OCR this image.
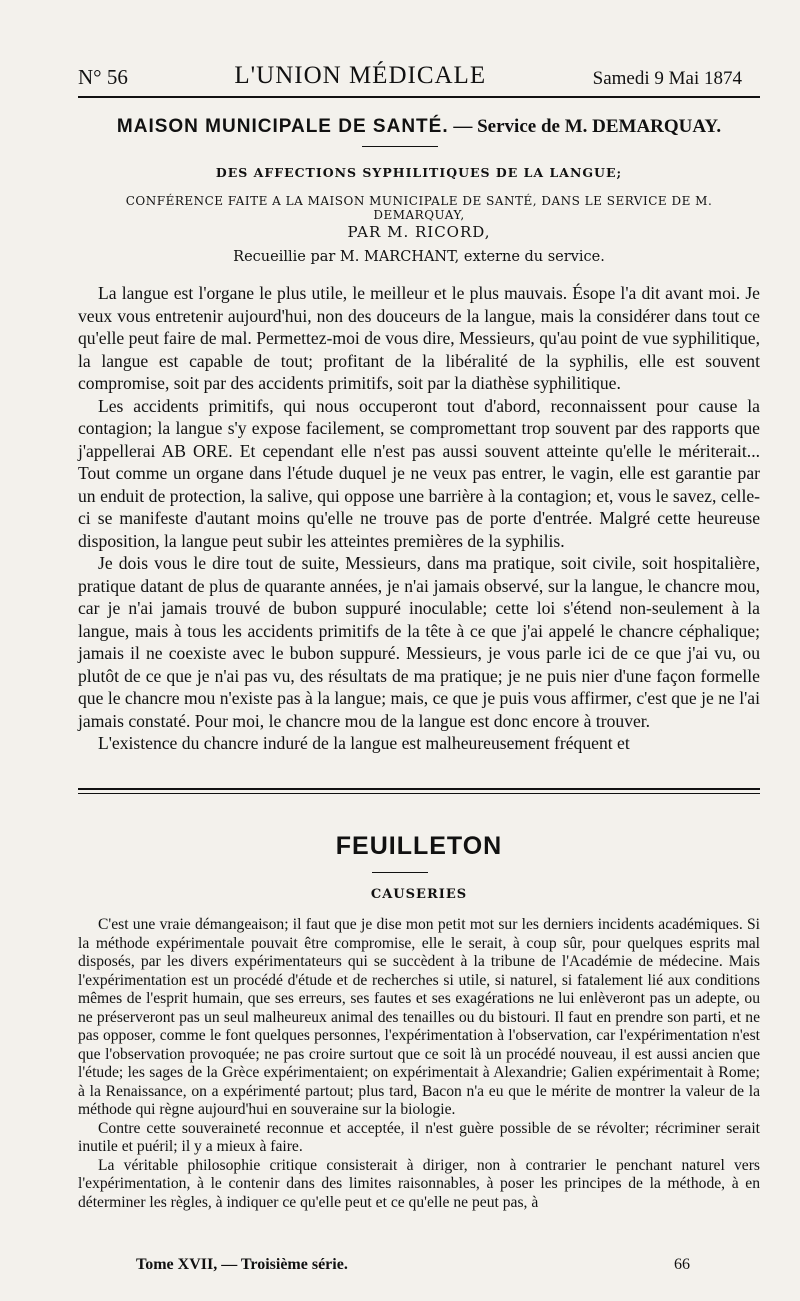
N° 56	L'UNION MÉDICALE	Samedi 9 Mai 1874
MAISON MUNICIPALE DE SANTÉ. — Service de M. DEMARQUAY.
DES AFFECTIONS SYPHILITIQUES DE LA LANGUE;
CONFÉRENCE FAITE A LA MAISON MUNICIPALE DE SANTÉ, DANS LE SERVICE DE M. DEMARQUAY,
PAR M. RICORD,
Recueillie par M. MARCHANT, externe du service.

La langue est l'organe le plus utile, le meilleur et le plus mauvais. Ésope l'a dit avant moi. Je veux vous entretenir aujourd'hui, non des douceurs de la langue, mais la considérer dans tout ce qu'elle peut faire de mal. Permettez-moi de vous dire, Messieurs, qu'au point de vue syphilitique, la langue est capable de tout; profitant de la libéralité de la syphilis, elle est souvent compromise, soit par des accidents primitifs, soit par la diathèse syphilitique.

Les accidents primitifs, qui nous occuperont tout d'abord, reconnaissent pour cause la contagion; la langue s'y expose facilement, se compromettant trop souvent par des rapports que j'appellerai AB ORE. Et cependant elle n'est pas aussi souvent atteinte qu'elle le mériterait... Tout comme un organe dans l'étude duquel je ne veux pas entrer, le vagin, elle est garantie par un enduit de protection, la salive, qui oppose une barrière à la contagion; et, vous le savez, celle-ci se manifeste d'autant moins qu'elle ne trouve pas de porte d'entrée. Malgré cette heureuse disposition, la langue peut subir les atteintes premières de la syphilis.

Je dois vous le dire tout de suite, Messieurs, dans ma pratique, soit civile, soit hospitalière, pratique datant de plus de quarante années, je n'ai jamais observé, sur la langue, le chancre mou, car je n'ai jamais trouvé de bubon suppuré inoculable; cette loi s'étend non-seulement à la langue, mais à tous les accidents primitifs de la tête à ce que j'ai appelé le chancre céphalique; jamais il ne coexiste avec le bubon suppuré. Messieurs, je vous parle ici de ce que j'ai vu, ou plutôt de ce que je n'ai pas vu, des résultats de ma pratique; je ne puis nier d'une façon formelle que le chancre mou n'existe pas à la langue; mais, ce que je puis vous affirmer, c'est que je ne l'ai jamais constaté. Pour moi, le chancre mou de la langue est donc encore à trouver.

L'existence du chancre induré de la langue est malheureusement fréquent et

FEUILLETON
CAUSERIES

C'est une vraie démangeaison; il faut que je dise mon petit mot sur les derniers incidents académiques. Si la méthode expérimentale pouvait être compromise, elle le serait, à coup sûr, pour quelques esprits mal disposés, par les divers expérimentateurs qui se succèdent à la tribune de l'Académie de médecine. Mais l'expérimentation est un procédé d'étude et de recherches si utile, si naturel, si fatalement lié aux conditions mêmes de l'esprit humain, que ses erreurs, ses fautes et ses exagérations ne lui enlèveront pas un adepte, ou ne préserveront pas un seul malheureux animal des tenailles ou du bistouri. Il faut en prendre son parti, et ne pas opposer, comme le font quelques personnes, l'expérimentation à l'observation, car l'expérimentation n'est que l'observation provoquée; ne pas croire surtout que ce soit là un procédé nouveau, il est aussi ancien que l'étude; les sages de la Grèce expérimentaient; on expérimentait à Alexandrie; Galien expérimentait à Rome; à la Renaissance, on a expérimenté partout; plus tard, Bacon n'a eu que le mérite de montrer la valeur de la méthode qui règne aujourd'hui en souveraine sur la biologie.

Contre cette souveraineté reconnue et acceptée, il n'est guère possible de se révolter; récriminer serait inutile et puéril; il y a mieux à faire.

La véritable philosophie critique consisterait à diriger, non à contrarier le penchant naturel vers l'expérimentation, à le contenir dans des limites raisonnables, à poser les principes de la méthode, à en déterminer les règles, à indiquer ce qu'elle peut et ce qu'elle ne peut pas, à

Tome XVII, — Troisième série.	66
